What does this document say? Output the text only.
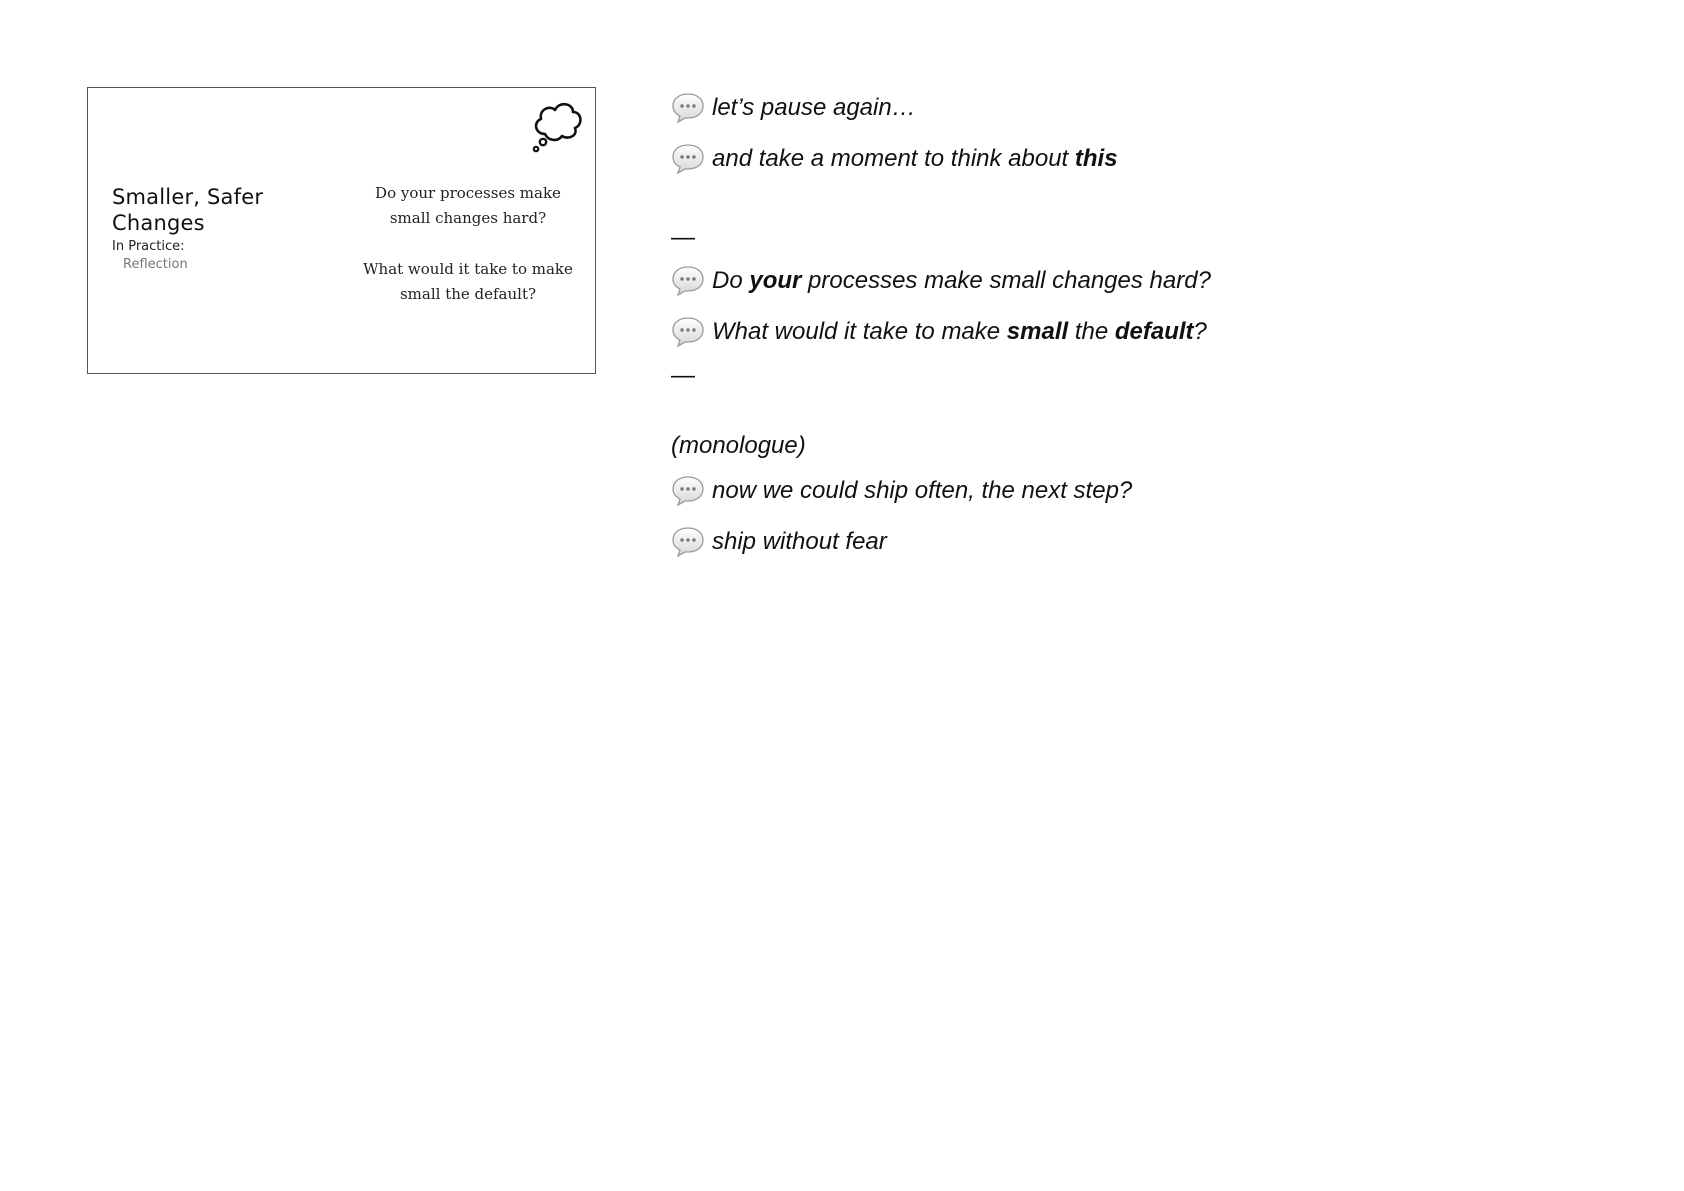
Smaller, Safer Changes
In Practice:
Reflection
Do your processes make small changes hard?
What would it take to make small the default?
let’s pause again…
and take a moment to think about this
—
Do your processes make small changes hard?
What would it take to make small the default?
—
(monologue)
now we could ship often, the next step?
ship without fear
